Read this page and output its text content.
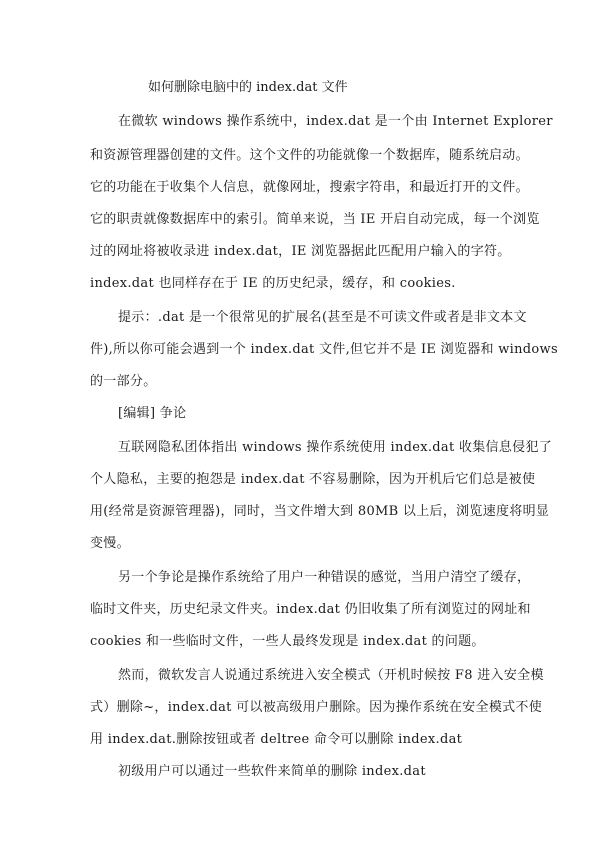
如何删除电脑中的 index.dat 文件
在微软 windows 操作系统中，index.dat 是一个由 Internet Explorer
和资源管理器创建的文件。这个文件的功能就像一个数据库，随系统启动。
它的功能在于收集个人信息，就像网址，搜索字符串，和最近打开的文件。
它的职责就像数据库中的索引。简单来说，当 IE 开启自动完成，每一个浏览
过的网址将被收录进 index.dat，IE 浏览器据此匹配用户输入的字符。
index.dat 也同样存在于 IE 的历史纪录，缓存，和 cookies.
提示：.dat 是一个很常见的扩展名(甚至是不可读文件或者是非文本文
件),所以你可能会遇到一个 index.dat 文件,但它并不是 IE 浏览器和 windows
的一部分。
[编辑] 争论
互联网隐私团体指出 windows 操作系统使用 index.dat 收集信息侵犯了
个人隐私，主要的抱怨是 index.dat 不容易删除，因为开机后它们总是被使
用(经常是资源管理器)，同时，当文件增大到 80MB 以上后，浏览速度将明显
变慢。
另一个争论是操作系统给了用户一种错误的感觉，当用户清空了缓存，
临时文件夹，历史纪录文件夹。index.dat 仍旧收集了所有浏览过的网址和
cookies 和一些临时文件，一些人最终发现是 index.dat 的问题。
然而，微软发言人说通过系统进入安全模式（开机时候按 F8 进入安全模
式）删除~，index.dat 可以被高级用户删除。因为操作系统在安全模式不使
用 index.dat.删除按钮或者 deltree 命令可以删除 index.dat
初级用户可以通过一些软件来简单的删除 index.dat
